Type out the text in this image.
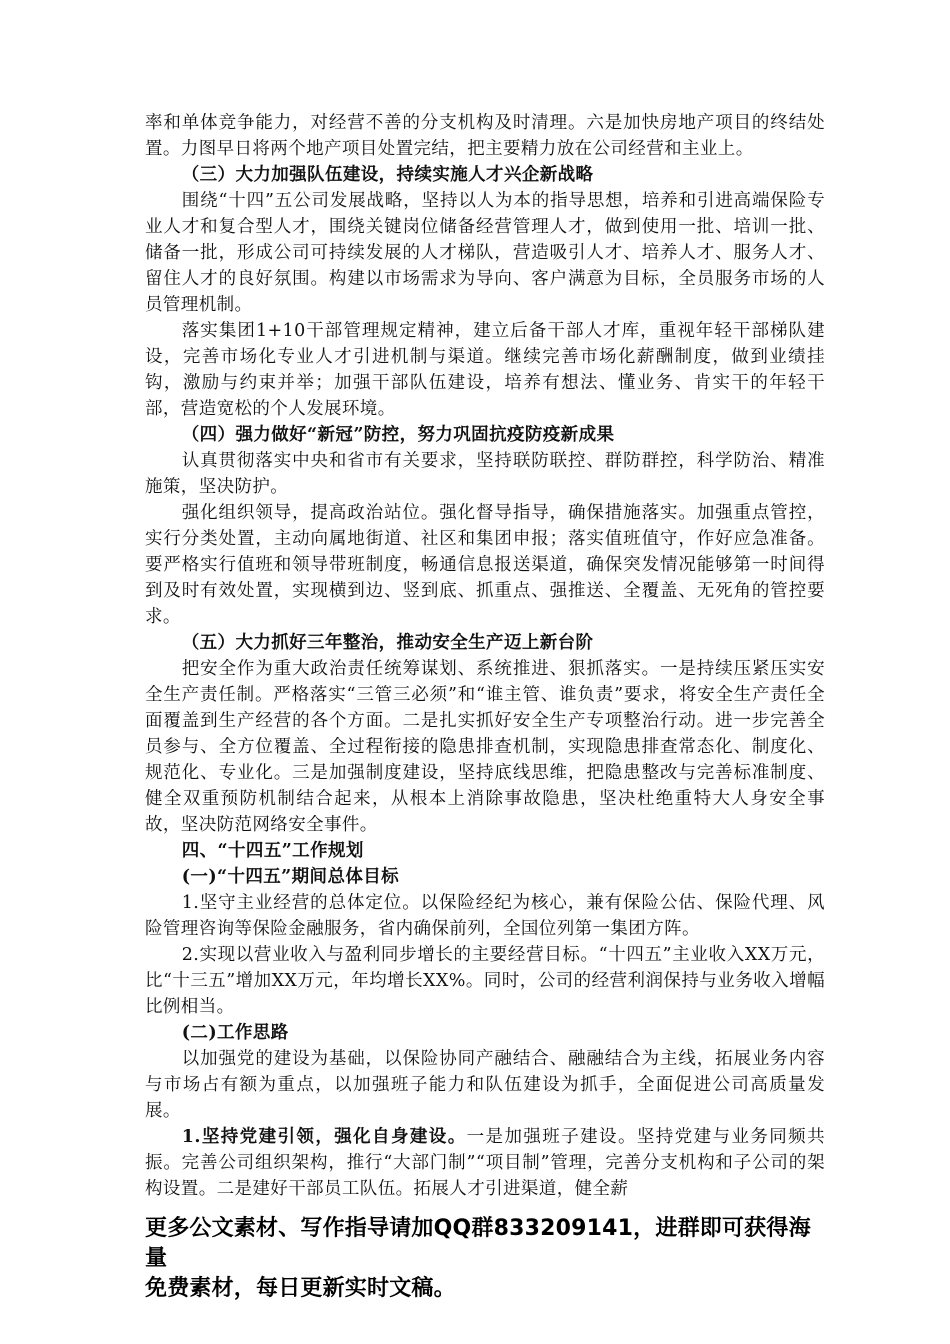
率和单体竞争能力，对经营不善的分支机构及时清理。六是加快房地产项目的终结处置。力图早日将两个地产项目处置完结，把主要精力放在公司经营和主业上。

（三）大力加强队伍建设，持续实施人才兴企新战略

围绕“十四”五公司发展战略，坚持以人为本的指导思想，培养和引进高端保险专业人才和复合型人才，围绕关键岗位储备经营管理人才，做到使用一批、培训一批、储备一批，形成公司可持续发展的人才梯队，营造吸引人才、培养人才、服务人才、留住人才的良好氛围。构建以市场需求为导向、客户满意为目标，全员服务市场的人员管理机制。

落实集团1+10干部管理规定精神，建立后备干部人才库，重视年轻干部梯队建设，完善市场化专业人才引进机制与渠道。继续完善市场化薪酬制度，做到业绩挂钩，激励与约束并举；加强干部队伍建设，培养有想法、懂业务、肯实干的年轻干部，营造宽松的个人发展环境。

（四）强力做好“新冠”防控，努力巩固抗疫防疫新成果

认真贯彻落实中央和省市有关要求，坚持联防联控、群防群控，科学防治、精准施策，坚决防护。

强化组织领导，提高政治站位。强化督导指导，确保措施落实。加强重点管控，实行分类处置，主动向属地街道、社区和集团申报；落实值班值守，作好应急准备。要严格实行值班和领导带班制度，畅通信息报送渠道，确保突发情况能够第一时间得到及时有效处置，实现横到边、竖到底、抓重点、强推送、全覆盖、无死角的管控要求。

（五）大力抓好三年整治，推动安全生产迈上新台阶

把安全作为重大政治责任统筹谋划、系统推进、狠抓落实。一是持续压紧压实安全生产责任制。严格落实“三管三必须”和“谁主管、谁负责”要求，将安全生产责任全面覆盖到生产经营的各个方面。二是扎实抓好安全生产专项整治行动。进一步完善全员参与、全方位覆盖、全过程衔接的隐患排查机制，实现隐患排查常态化、制度化、规范化、专业化。三是加强制度建设，坚持底线思维，把隐患整改与完善标准制度、健全双重预防机制结合起来，从根本上消除事故隐患，坚决杜绝重特大人身安全事故，坚决防范网络安全事件。

四、“十四五”工作规划

(一)“十四五”期间总体目标

1.坚守主业经营的总体定位。以保险经纪为核心，兼有保险公估、保险代理、风险管理咨询等保险金融服务，省内确保前列，全国位列第一集团方阵。

2.实现以营业收入与盈利同步增长的主要经营目标。“十四五”主业收入XX万元，比“十三五”增加XX万元，年均增长XX%。同时，公司的经营利润保持与业务收入增幅比例相当。

(二)工作思路

以加强党的建设为基础，以保险协同产融结合、融融结合为主线，拓展业务内容与市场占有额为重点，以加强班子能力和队伍建设为抓手，全面促进公司高质量发展。

1.坚持党建引领，强化自身建设。一是加强班子建设。坚持党建与业务同频共振。完善公司组织架构，推行“大部门制”“项目制”管理，完善分支机构和子公司的架构设置。二是建好干部员工队伍。拓展人才引进渠道，健全薪

更多公文素材、写作指导请加QQ群833209141，进群即可获得海量

免费素材，每日更新实时文稿。
